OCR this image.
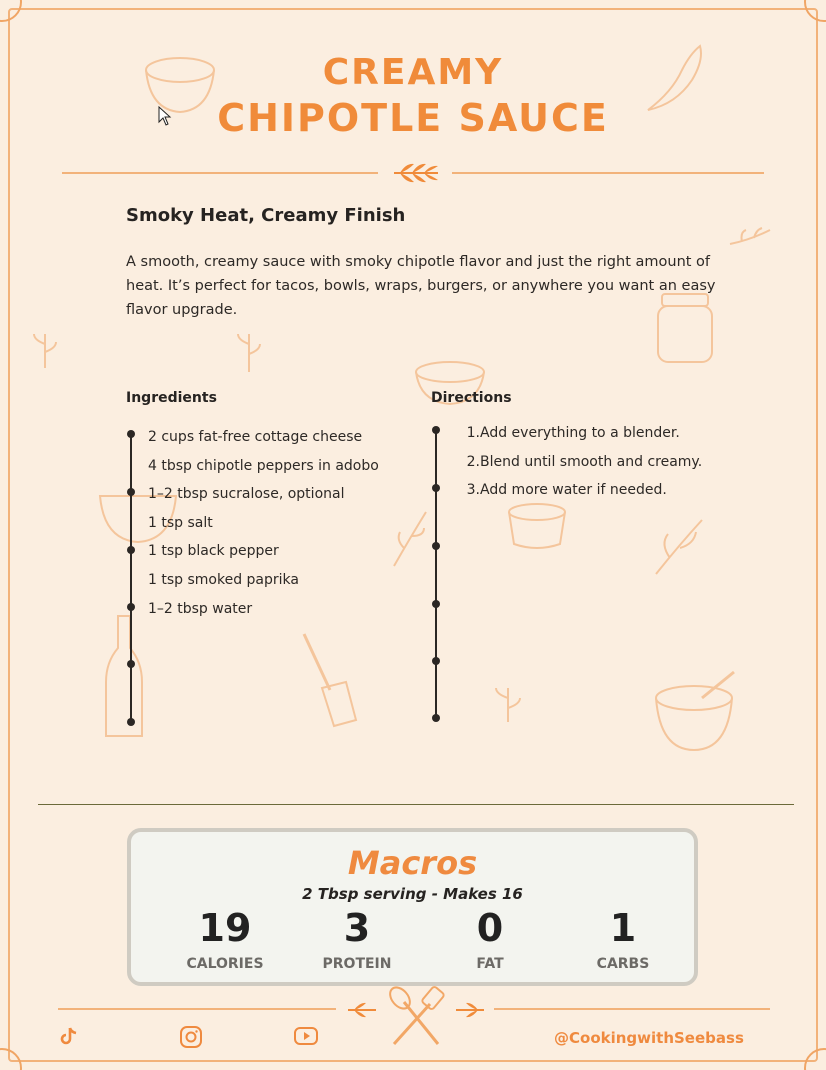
CREAMY
CHIPOTLE SAUCE
Smoky Heat, Creamy Finish

A smooth, creamy sauce with smoky chipotle flavor and just the right amount of heat. It’s perfect for tacos, bowls, wraps, burgers, or anywhere you want an easy flavor upgrade.

Ingredients
2 cups fat-free cottage cheese
4 tbsp chipotle peppers in adobo
1–2 tbsp sucralose, optional
1 tsp salt
1 tsp black pepper
1 tsp smoked paprika
1–2 tbsp water
Directions
1.Add everything to a blender.
2.Blend until smooth and creamy.
3.Add more water if needed.
Macros
2 Tbsp serving - Makes 16
19
CALORIES
3
PROTEIN
0
FAT
1
CARBS
@CookingwithSeebass
